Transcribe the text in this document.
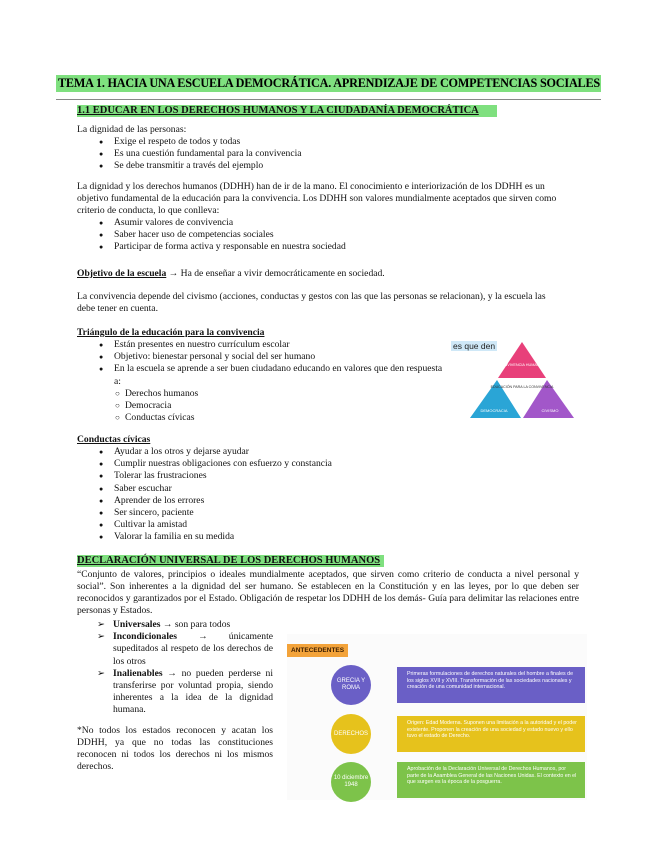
TEMA 1. HACIA UNA ESCUELA DEMOCRÁTICA. APRENDIZAJE DE COMPETENCIAS SOCIALES
1.1 EDUCAR EN LOS DERECHOS HUMANOS Y LA CIUDADANÍA DEMOCRÁTICA
La dignidad de las personas:
● Exige el respeto de todos y todas
● Es una cuestión fundamental para la convivencia
● Se debe transmitir a través del ejemplo
La dignidad y los derechos humanos (DDHH) han de ir de la mano. El conocimiento e interiorización de los DDHH es un objetivo fundamental de la educación para la convivencia. Los DDHH son valores mundialmente aceptados que sirven como criterio de conducta, lo que conlleva:
● Asumir valores de convivencia
● Saber hacer uso de competencias sociales
● Participar de forma activa y responsable en nuestra sociedad
Objetivo de la escuela → Ha de enseñar a vivir democráticamente en sociedad.
La convivencia depende del civismo (acciones, conductas y gestos con las que las personas se relacionan), y la escuela las debe tener en cuenta.
Triángulo de la educación para la convivencia
● Están presentes en nuestro currículum escolar
● Objetivo: bienestar personal y social del ser humano
● En la escuela se aprende a ser buen ciudadano educando en valores que den respuesta a:
○ Derechos humanos
○ Democracia
○ Conductas cívicas
es que den
CONVIVENCIA HUMANOS
EDUCACIÓN PARA LA CONVIVENCIA
DEMOCRACIA	CIVISMO
Conductas cívicas
● Ayudar a los otros y dejarse ayudar
● Cumplir nuestras obligaciones con esfuerzo y constancia
● Tolerar las frustraciones
● Saber escuchar
● Aprender de los errores
● Ser sincero, paciente
● Cultivar la amistad
● Valorar la familia en su medida
DECLARACIÓN UNIVERSAL DE LOS DERECHOS HUMANOS
“Conjunto de valores, principios o ideales mundialmente aceptados, que sirven como criterio de conducta a nivel personal y social”. Son inherentes a la dignidad del ser humano. Se establecen en la Constitución y en las leyes, por lo que deben ser reconocidos y garantizados por el Estado. Obligación de respetar los DDHH de los demás- Guía para delimitar las relaciones entre personas y Estados.
➢ Universales → son para todos
➢ Incondicionales → únicamente supeditados al respeto de los derechos de los otros
➢ Inalienables → no pueden perderse ni transferirse por voluntad propia, siendo inherentes a la idea de la dignidad humana.
*No todos los estados reconocen y acatan los DDHH, ya que no todas las constituciones reconocen ni todos los derechos ni los mismos derechos.
ANTECEDENTES
GRECIA Y ROMA
Primeras formulaciones de derechos naturales del hombre a finales de los siglos XVII y XVIII. Transformación de las sociedades nacionales y creación de una comunidad internacional.
DERECHOS
Origen: Edad Moderna. Suponen una limitación a la autoridad y el poder existente. Proponen la creación de una sociedad y estado nuevo y ello tuvo el estado de Derecho.
10 diciembre 1948
Aprobación de la Declaración Universal de Derechos Humanos, por parte de la Asamblea General de las Naciones Unidas. El contexto en el que surgen es la época de la posguerra.
